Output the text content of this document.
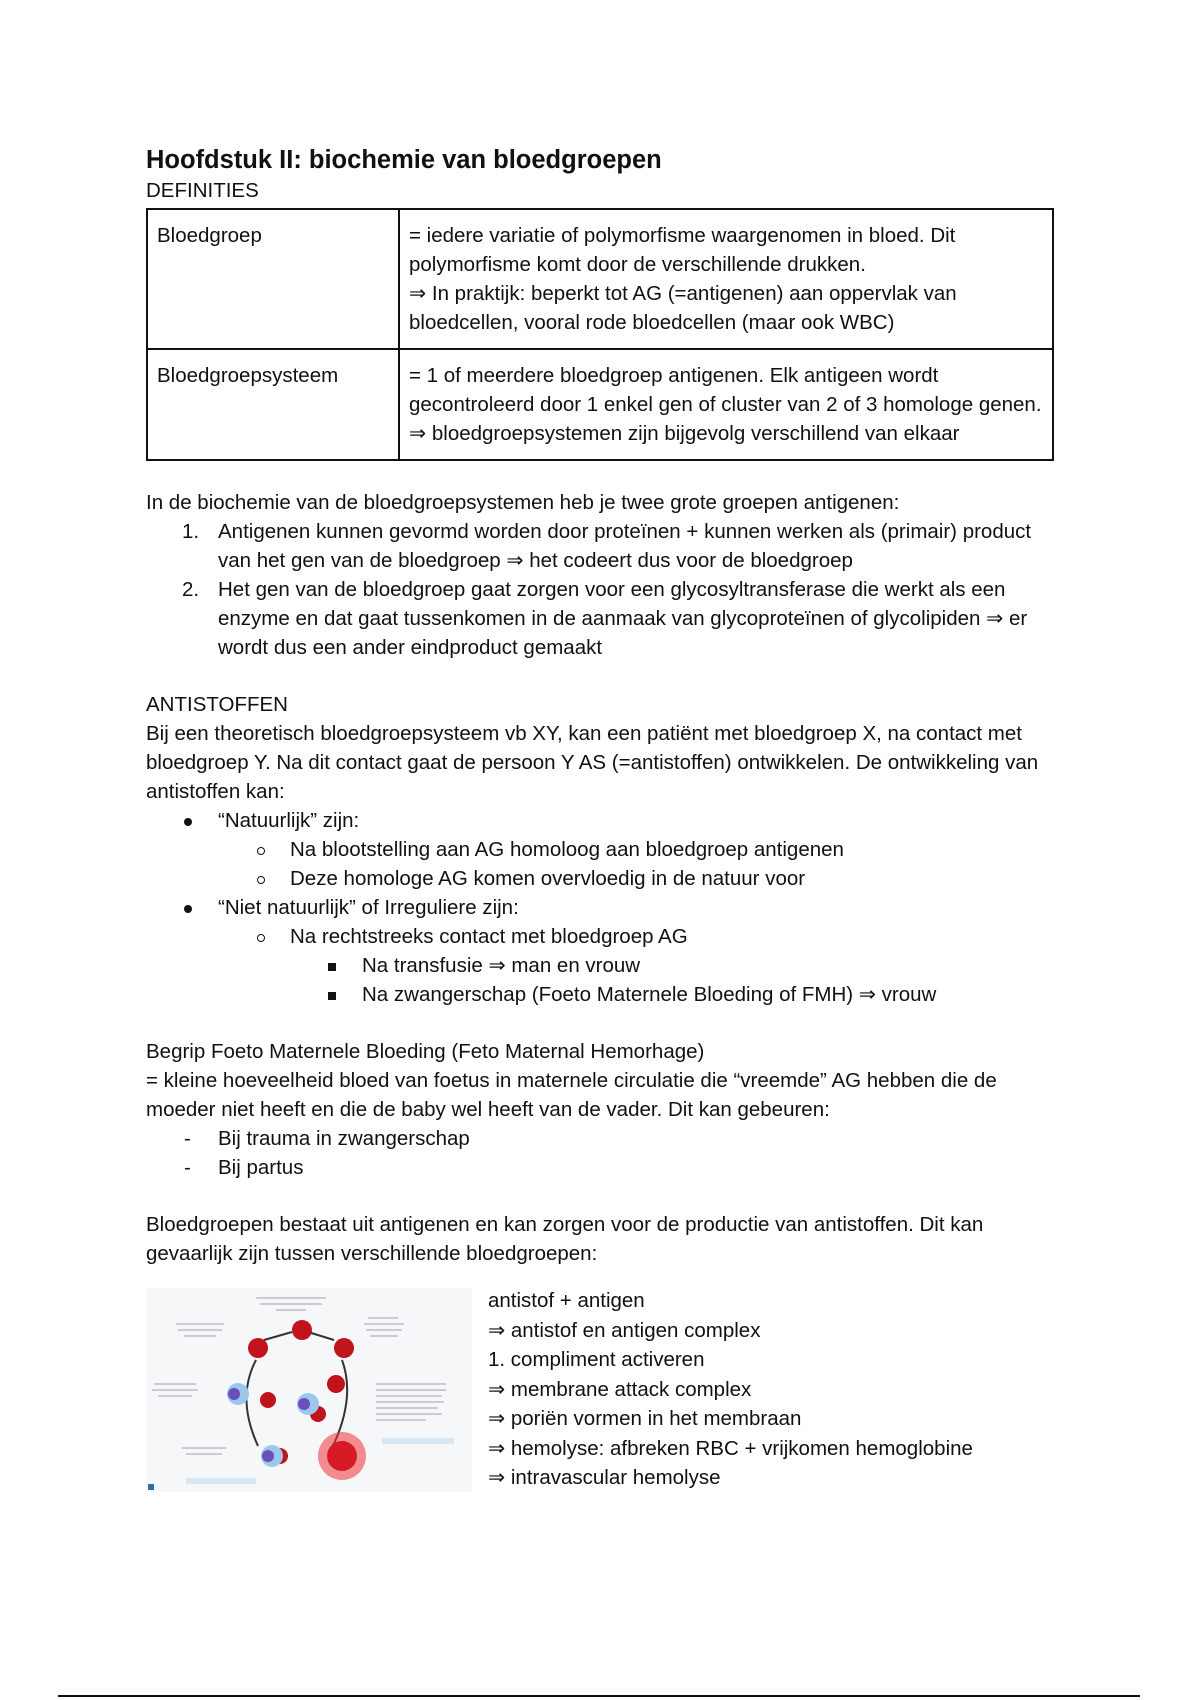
Hoofdstuk II: biochemie van bloedgroepen

DEFINITIES

Bloedgroep	= iedere variatie of polymorfisme waargenomen in bloed. Dit polymorfisme komt door de verschillende drukken.
⇒ In praktijk: beperkt tot AG (=antigenen) aan oppervlak van bloedcellen, vooral rode bloedcellen (maar ook WBC)

Bloedgroepsysteem	= 1 of meerdere bloedgroep antigenen. Elk antigeen wordt gecontroleerd door 1 enkel gen of cluster van 2 of 3 homologe genen.
⇒ bloedgroepsystemen zijn bijgevolg verschillend van elkaar

In de biochemie van de bloedgroepsystemen heb je twee grote groepen antigenen:

1. Antigenen kunnen gevormd worden door proteïnen + kunnen werken als (primair) product van het gen van de bloedgroep ⇒ het codeert dus voor de bloedgroep
2. Het gen van de bloedgroep gaat zorgen voor een glycosyltransferase die werkt als een enzyme en dat gaat tussenkomen in de aanmaak van glycoproteïnen of glycolipiden ⇒ er wordt dus een ander eindproduct gemaakt

ANTISTOFFEN

Bij een theoretisch bloedgroepsysteem vb XY, kan een patiënt met bloedgroep X, na contact met bloedgroep Y. Na dit contact gaat de persoon Y AS (=antistoffen) ontwikkelen. De ontwikkeling van antistoffen kan:

“Natuurlijk” zijn:
Na blootstelling aan AG homoloog aan bloedgroep antigenen
Deze homologe AG komen overvloedig in de natuur voor
“Niet natuurlijk” of Irreguliere zijn:
Na rechtstreeks contact met bloedgroep AG
Na transfusie ⇒ man en vrouw
Na zwangerschap (Foeto Maternele Bloeding of FMH) ⇒ vrouw

Begrip Foeto Maternele Bloeding (Feto Maternal Hemorhage)

= kleine hoeveelheid bloed van foetus in maternele circulatie die “vreemde” AG hebben die de moeder niet heeft en die de baby wel heeft van de vader. Dit kan gebeuren:

- Bij trauma in zwangerschap
- Bij partus

Bloedgroepen bestaat uit antigenen en kan zorgen voor de productie van antistoffen. Dit kan gevaarlijk zijn tussen verschillende bloedgroepen:

antistof + antigen
⇒ antistof en antigen complex
1. compliment activeren
⇒ membrane attack complex
⇒ poriën vormen in het membraan
⇒ hemolyse: afbreken RBC + vrijkomen hemoglobine
⇒ intravascular hemolyse
